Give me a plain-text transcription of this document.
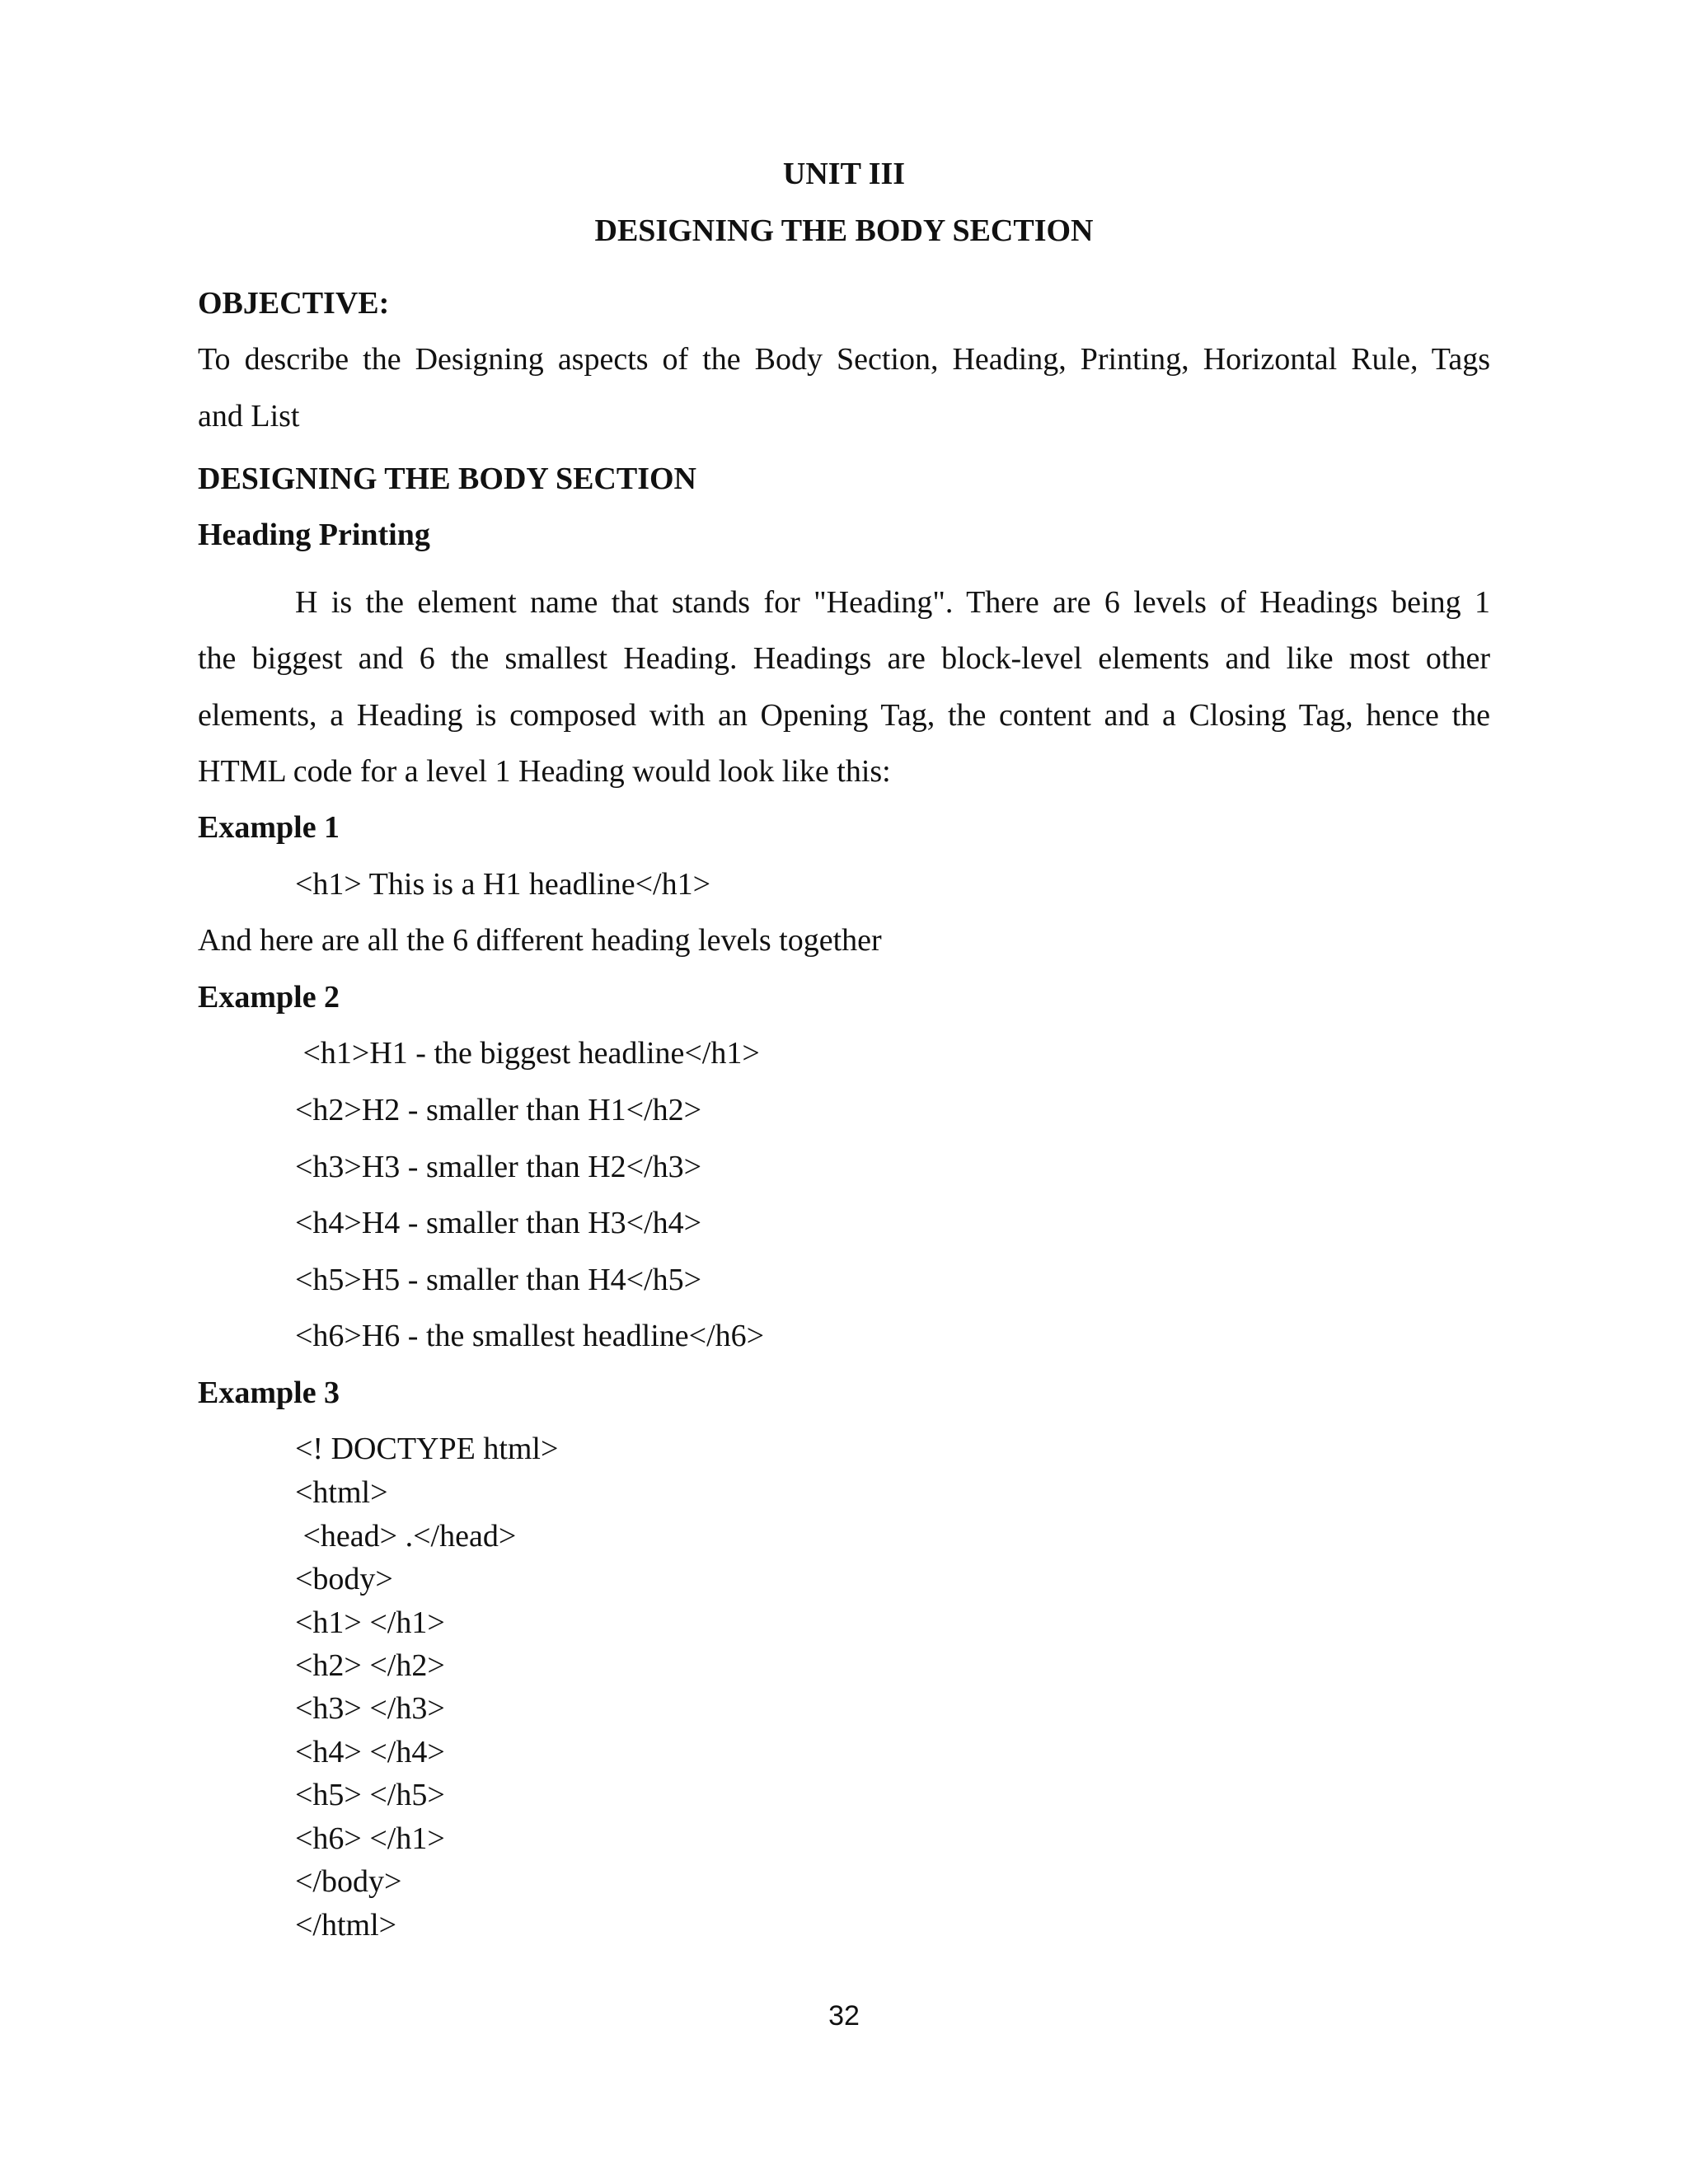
UNIT III
DESIGNING THE BODY SECTION
OBJECTIVE:
To describe the Designing aspects of the Body Section, Heading, Printing, Horizontal Rule, Tags
and List
DESIGNING THE BODY SECTION
Heading Printing
H is the element name that stands for "Heading". There are 6 levels of Headings being 1
the biggest and 6 the smallest Heading. Headings are block-level elements and like most other
elements, a Heading is composed with an Opening Tag, the content and a Closing Tag, hence the
HTML code for a level 1 Heading would look like this:
Example 1
<h1> This is a H1 headline</h1>
And here are all the 6 different heading levels together
Example 2
<h1>H1 - the biggest headline</h1>
<h2>H2 - smaller than H1</h2>
<h3>H3 - smaller than H2</h3>
<h4>H4 - smaller than H3</h4>
<h5>H5 - smaller than H4</h5>
<h6>H6 - the smallest headline</h6>
Example 3
<! DOCTYPE html>
<html>
<head> .</head>
<body>
<h1> </h1>
<h2> </h2>
<h3> </h3>
<h4> </h4>
<h5> </h5>
<h6> </h1>
</body>
</html>
32
